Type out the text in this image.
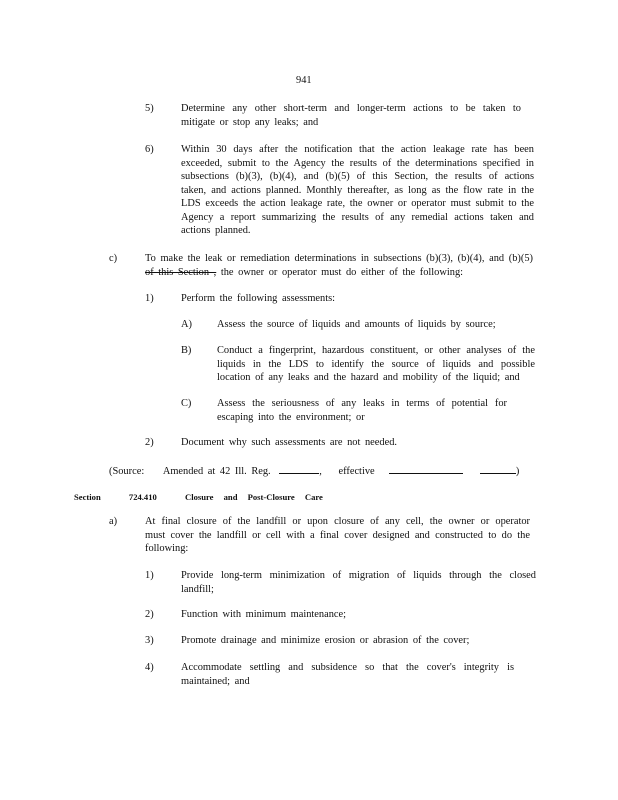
941
5)	Determine any other short-term and longer-term actions to be taken to mitigate or stop any leaks; and
6)	Within 30 days after the notification that the action leakage rate has been exceeded, submit to the Agency the results of the determinations specified in subsections (b)(3), (b)(4), and (b)(5) of this Section, the results of actions taken, and actions planned. Monthly thereafter, as long as the flow rate in the LDS exceeds the action leakage rate, the owner or operator must submit to the Agency a report summarizing the results of any remedial actions taken and actions planned.
c)	To make the leak or remediation determinations in subsections (b)(3), (b)(4), and (b)(5) of this Section , the owner or operator must do either of the following:
1)	Perform the following assessments:
A) Assess the source of liquids and amounts of liquids by source;
B) Conduct a fingerprint, hazardous constituent, or other analyses of the liquids in the LDS to identify the source of liquids and possible location of any leaks and the hazard and mobility of the liquid; and
C) Assess the seriousness of any leaks in terms of potential for escaping into the environment; or
2)	Document why such assessments are not needed.
(Source: Amended at 42 Ill. Reg.	, effective	)
Section	724.410	Closure and Post-Closure Care
a)	At final closure of the landfill or upon closure of any cell, the owner or operator must cover the landfill or cell with a final cover designed and constructed to do the following:
1)	Provide long-term minimization of migration of liquids through the closed landfill;
2)	Function with minimum maintenance;
3)	Promote drainage and minimize erosion or abrasion of the cover;
4)	Accommodate settling and subsidence so that the cover's integrity is maintained; and
